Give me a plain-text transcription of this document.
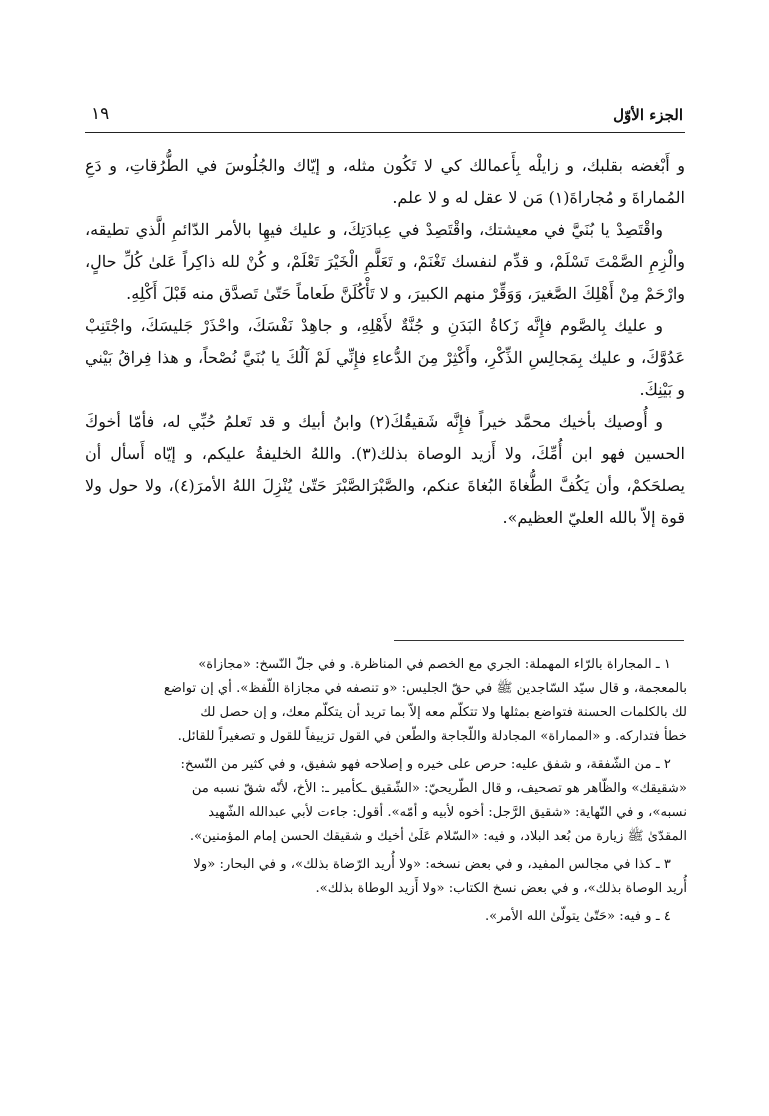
الجزء الأوّل
١٩

و أَبْغضه بقلبك، و زايلْه بِأَعمالك كي لا تَكُون مثله، و إيّاك والجُلُوسَ في الطُّرُقاتِ، و دَعِ المُماراةَ و مُجاراةَ(١) مَن لا عقل له و لا علم.

واقْتَصِدْ يا بُنَيَّ في معيشتك، واقْتَصِدْ في عِبادَتِكَ، و عليك فيهِا بالأمر الدّائمِ الَّذي تطيقه، والْزِمِ الصَّمْتَ تَسْلَمْ، و قدِّم لنفسك تَغْنَمْ، و تَعَلَّمِ الْخَيْرَ تَعْلَمْ، و كُنْ لله ذاكِراً عَلىٰ كُلِّ حالٍ، وارْحَمْ مِنْ أَهْلِكَ الصَّغيرَ، وَوَقِّرْ منهم الكبيرَ، و لا تَأْكُلَنَّ طَعاماً حَتّىٰ تَصدَّق منه قَبْلَ أَكْلِهِ.

و عليك بِالصَّوم فإِنَّه زَكاةُ البَدَنِ و جُنَّةٌ لأَهْلِهِ، و جاهِدْ نَفْسَكَ، واحْذَرْ جَليسَكَ، واجْتَنِبْ عَدُوَّكَ، و عليك بِمَجالِسِ الذِّكْرِ، وأَكْثِرْ مِنَ الدُّعاءِ فإِنِّي لَمْ آلُكَ يا بُنَيَّ نُصْحاً، و هذا فِراقُ بَيْني و بَيْنِكَ.

و أُوصيك بأخيك محمَّد خيراً فإِنَّه شَقيقُكَ(٢) وابنُ أبيك و قد تَعلمُ حُبِّي له، فأمّا أخوكَ الحسين فهو ابن أُمِّكَ، ولا أَزيد الوصاة بذلك(٣). واللهُ الخليفةُ عليكم، و إيّاه أَسأل أن يصلحَكمْ، وأن يَكُفَّ الطُّغاةَ البُغاةَ عنكم، والصَّبْرَالصَّبْرَ حَتّىٰ يُنْزِلَ اللهُ الأمرَ(٤)، ولا حول ولا قوة إلاّ بالله العليّ العظيم».

١ ـ المجاراة بالرّاء المهملة: الجري مع الخصم في المناظرة. و في جلّ النّسخ: «مجازاة»
بالمعجمة، و قال سيّد السّاجدين ﷺ في حقّ الجليس: «و تنصفه في مجازاة اللّفظ». أي إن تواضع
لك بالكلمات الحسنة فتواضع بمثلها ولا تتكلّم معه إلاّ بما تريد أن يتكلّم معك، و إن حصل لك
خطأ فتداركه. و «المماراة» المجادلة واللّجاجة والطّعن في القول تزييفاً للقول و تصغيراً للقائل.

٢ ـ من الشّفقة، و شفق عليه: حرص على خيره و إصلاحه فهو شفيق، و في كثير من النّسخ:
«شقيقك» والظّاهر هو تصحيف، و قال الطّريحيّ: «الشّقيق ـكأمير ـ: الأخ، لأنّه شقّ نسبه من
نسبه»، و في النّهاية: «شقيق الرَّجل: أخوه لأبيه و أمّه». أقول: جاءت لأبي عبدالله الشّهيد
المقدّىٰ ﷺ زيارة من بُعد البلاد، و فيه: «السّلام عَلَىٰ أخيك و شقيقك الحسن إمام المؤمنين».

٣ ـ كذا في مجالس المفيد، و في بعض نسخه: «ولا أُريد الرّضاة بذلك»، و في البحار: «ولا
أُريد الوصاة بذلك»، و في بعض نسخ الكتاب: «ولا أَزيد الوطاة بذلك».

٤ ـ و فيه: «حَتّىٰ يتولّىٰ الله الأمر».
